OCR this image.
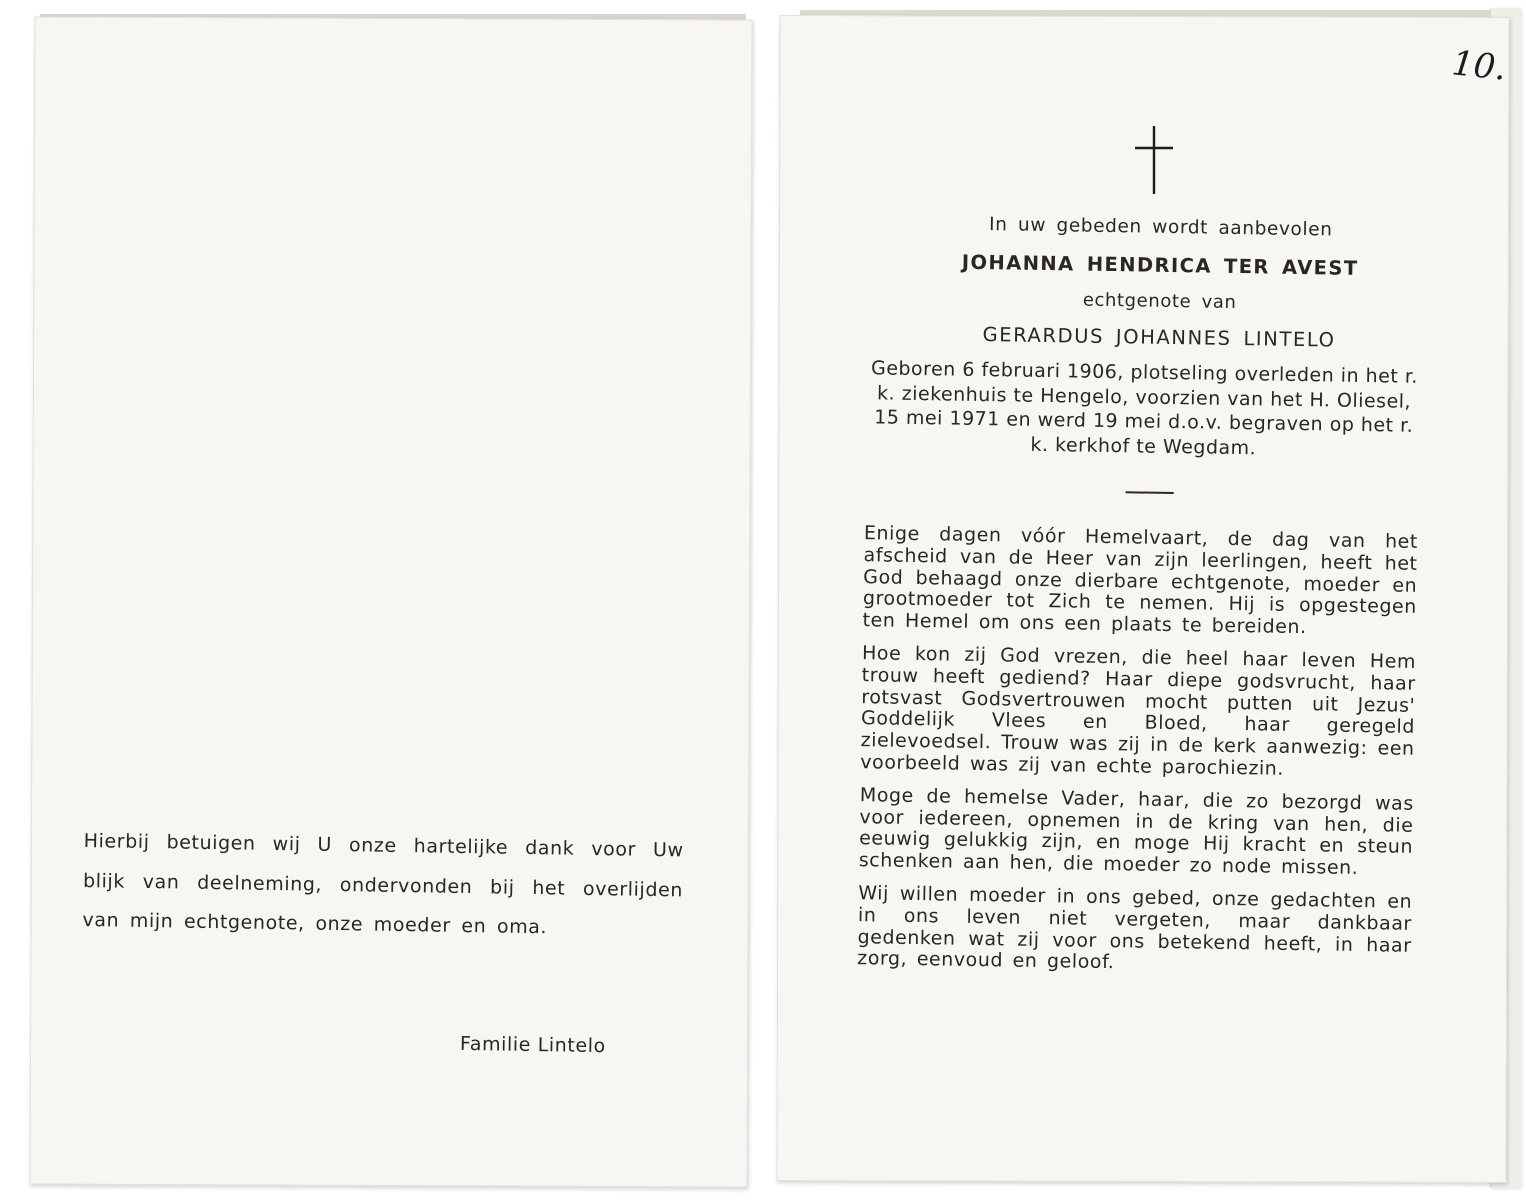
Hierbij betuigen wij U onze hartelijke dank voor Uw blijk van deelneming, ondervonden bij het overlijden van mijn echtgenote, onze moeder en oma.
Familie Lintelo
10.
In uw gebeden wordt aanbevolen
JOHANNA HENDRICA TER AVEST
echtgenote van
GERARDUS JOHANNES LINTELO
Geboren 6 februari 1906, plotseling overleden in het r. k. ziekenhuis te Hengelo, voorzien van het H. Oliesel, 15 mei 1971 en werd 19 mei d.o.v. begraven op het r. k. kerkhof te Wegdam.
Enige dagen vóór Hemelvaart, de dag van het afscheid van de Heer van zijn leerlingen, heeft het God behaagd onze dierbare echtgenote, moeder en grootmoeder tot Zich te nemen. Hij is opgestegen ten Hemel om ons een plaats te bereiden.
Hoe kon zij God vrezen, die heel haar leven Hem trouw heeft gediend? Haar diepe godsvrucht, haar rotsvast Godsvertrouwen mocht putten uit Jezus' Goddelijk Vlees en Bloed, haar geregeld zielevoedsel. Trouw was zij in de kerk aanwezig: een voorbeeld was zij van echte parochiezin.
Moge de hemelse Vader, haar, die zo bezorgd was voor iedereen, opnemen in de kring van hen, die eeuwig gelukkig zijn, en moge Hij kracht en steun schenken aan hen, die moeder zo node missen.
Wij willen moeder in ons gebed, onze gedachten en in ons leven niet vergeten, maar dankbaar gedenken wat zij voor ons betekend heeft, in haar zorg, eenvoud en geloof.
